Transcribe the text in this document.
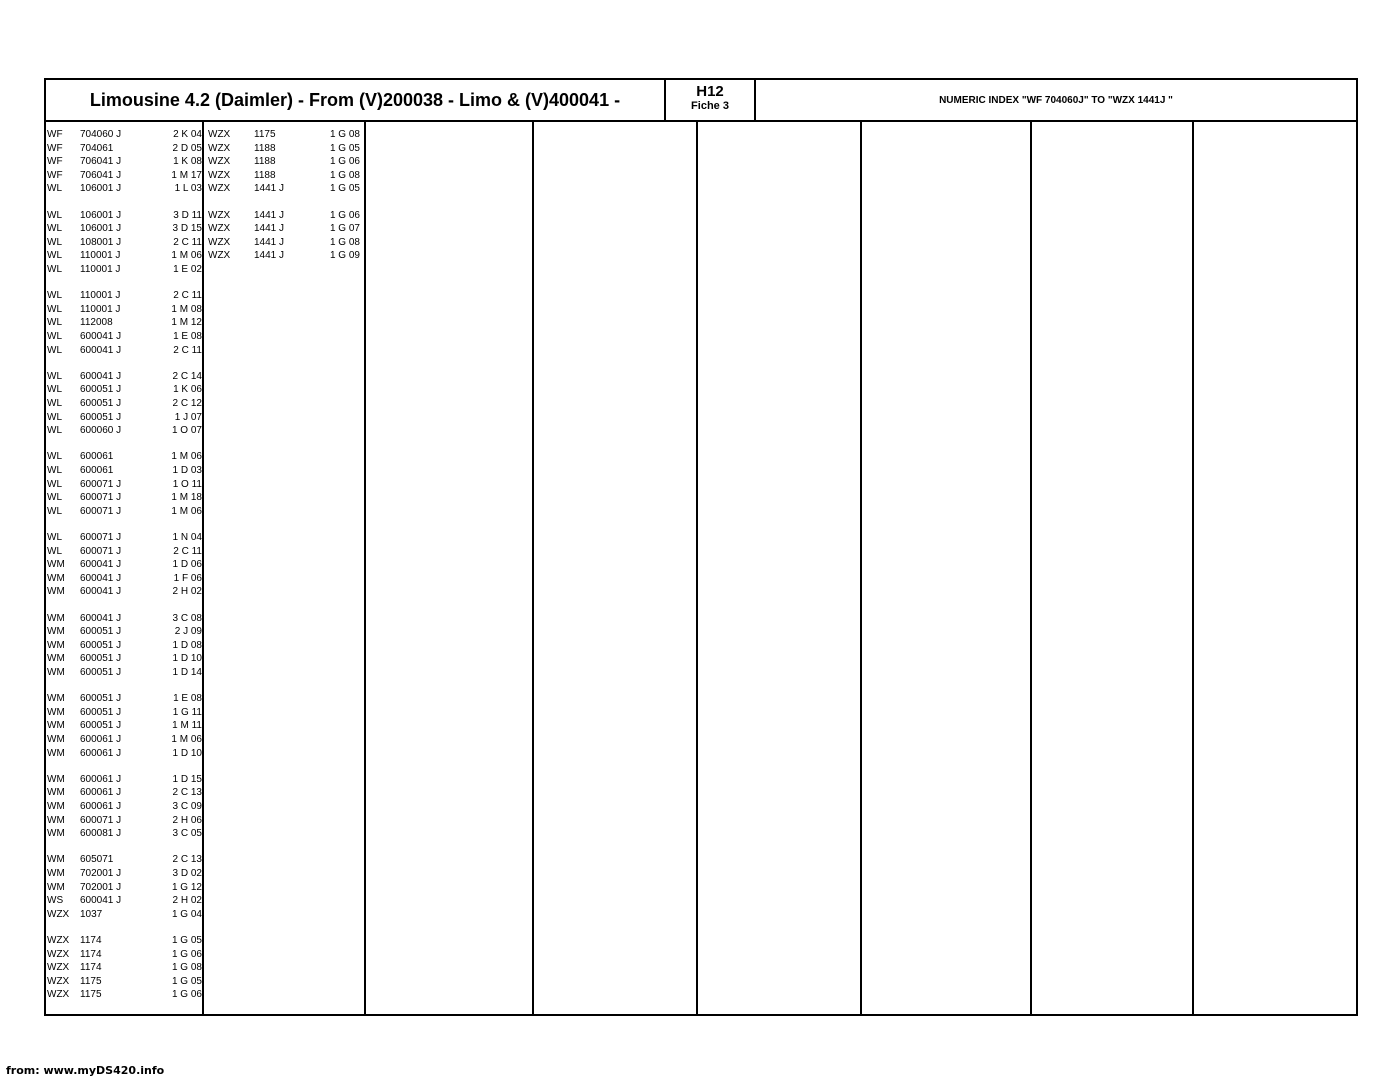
Limousine 4.2 (Daimler) - From (V)200038 - Limo & (V)400041 -	H12
Fiche 3	NUMERIC INDEX "WF 704060J" TO "WZX 1441J "
WF 704060 J	2 K 04
WF 704061	2 D 05
WF 706041 J	1 K 08
WF 706041 J	1 M 17
WL 106001 J	1 L 03
WL 106001 J	3 D 11
WL 106001 J	3 D 15
WL 108001 J	2 C 11
WL 110001 J	1 M 06
WL 110001 J	1 E 02
WL 110001 J	2 C 11
WL 110001 J	1 M 08
WL 112008	1 M 12
WL 600041 J	1 E 08
WL 600041 J	2 C 11
WL 600041 J	2 C 14
WL 600051 J	1 K 06
WL 600051 J	2 C 12
WL 600051 J	1 J 07
WL 600060 J	1 O 07
WL 600061	1 M 06
WL 600061	1 D 03
WL 600071 J	1 O 11
WL 600071 J	1 M 18
WL 600071 J	1 M 06
WL 600071 J	1 N 04
WL 600071 J	2 C 11
WM 600041 J	1 D 06
WM 600041 J	1 F 06
WM 600041 J	2 H 02
WM 600041 J	3 C 08
WM 600051 J	2 J 09
WM 600051 J	1 D 08
WM 600051 J	1 D 10
WM 600051 J	1 D 14
WM 600051 J	1 E 08
WM 600051 J	1 G 11
WM 600051 J	1 M 11
WM 600061 J	1 M 06
WM 600061 J	1 D 10
WM 600061 J	1 D 15
WM 600061 J	2 C 13
WM 600061 J	3 C 09
WM 600071 J	2 H 06
WM 600081 J	3 C 05
WM 605071	2 C 13
WM 702001 J	3 D 02
WM 702001 J	1 G 12
WS 600041 J	2 H 02
WZX 1037	1 G 04
WZX 1174	1 G 05
WZX 1174	1 G 06
WZX 1174	1 G 08
WZX 1175	1 G 05
WZX 1175	1 G 06
WZX 1175	1 G 08
WZX 1188	1 G 05
WZX 1188	1 G 06
WZX 1188	1 G 08
WZX 1441 J	1 G 05
WZX 1441 J	1 G 06
WZX 1441 J	1 G 07
WZX 1441 J	1 G 08
WZX 1441 J	1 G 09
from: www.myDS420.info
